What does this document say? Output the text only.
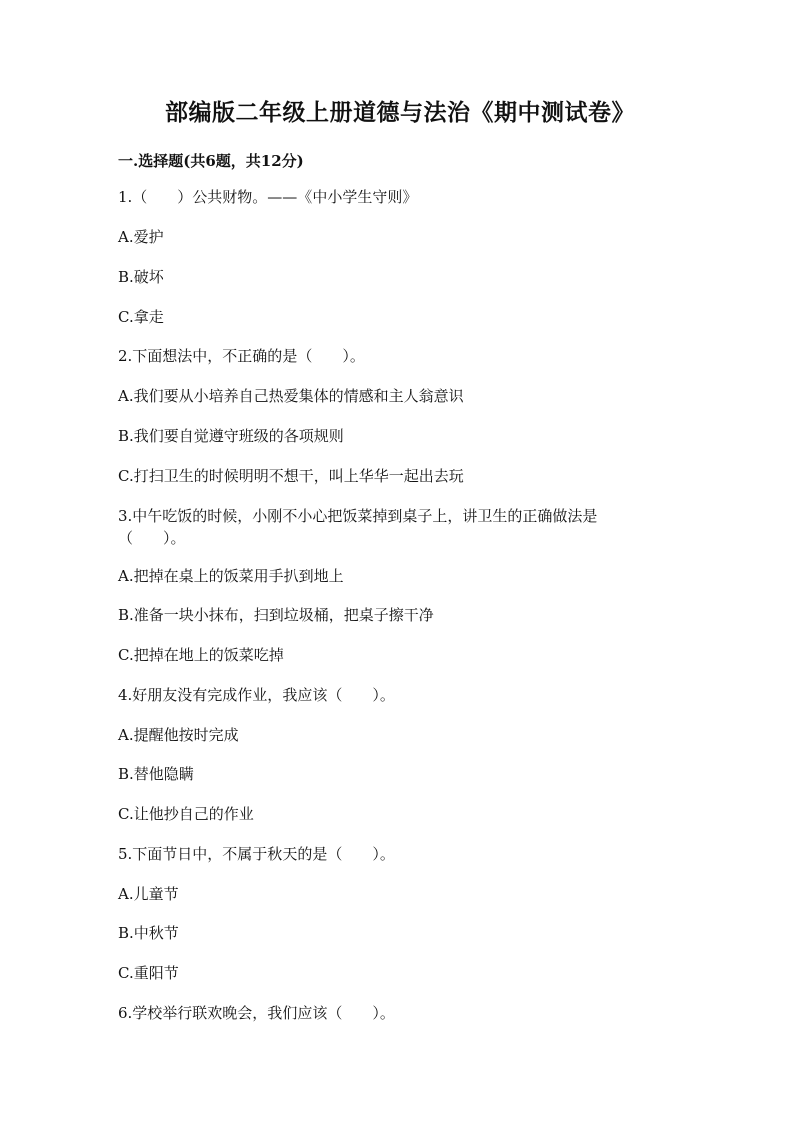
部编版二年级上册道德与法治《期中测试卷》
一.选择题(共6题，共12分)
1.（　　）公共财物。——《中小学生守则》
A.爱护
B.破坏
C.拿走
2.下面想法中，不正确的是（　　）。
A.我们要从小培养自己热爱集体的情感和主人翁意识
B.我们要自觉遵守班级的各项规则
C.打扫卫生的时候明明不想干，叫上华华一起出去玩
3.中午吃饭的时候，小刚不小心把饭菜掉到桌子上，讲卫生的正确做法是（　　）。
A.把掉在桌上的饭菜用手扒到地上
B.准备一块小抹布，扫到垃圾桶，把桌子擦干净
C.把掉在地上的饭菜吃掉
4.好朋友没有完成作业，我应该（　　）。
A.提醒他按时完成
B.替他隐瞒
C.让他抄自己的作业
5.下面节日中，不属于秋天的是（　　）。
A.儿童节
B.中秋节
C.重阳节
6.学校举行联欢晚会，我们应该（　　）。
